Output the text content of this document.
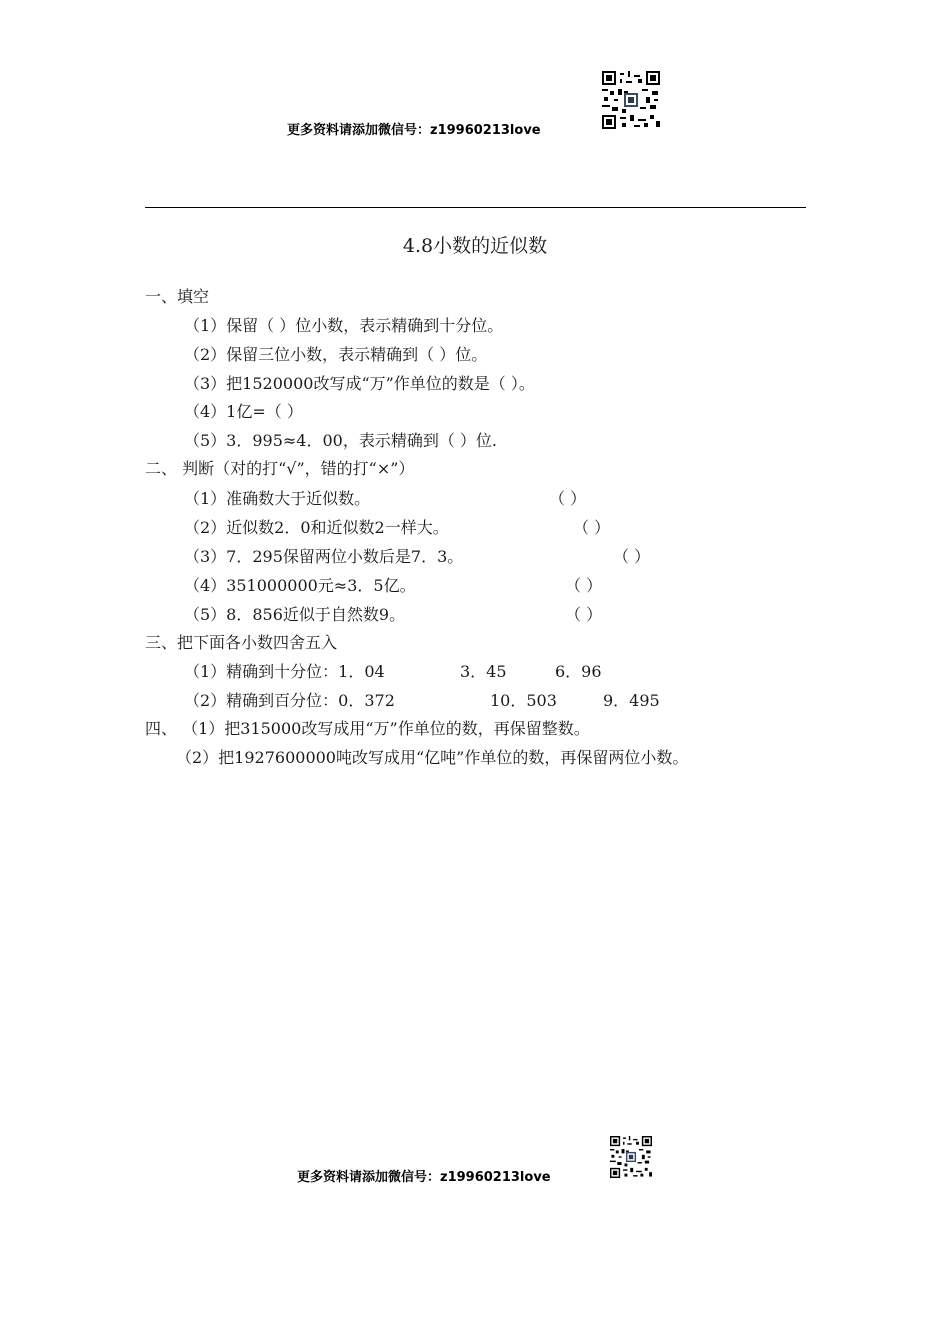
更多资料请添加微信号：z19960213love
4.8小数的近似数
一、填空
（1）保留（ ）位小数，表示精确到十分位。
（2）保留三位小数，表示精确到（ ）位。
（3）把1520000改写成“万”作单位的数是（ ）。
（4）1亿=（ ）
（5）3．995≈4．00，表示精确到（ ）位.
二、 判断（对的打“√”，错的打“×”）
（1）准确数大于近似数。	（ ）
（2）近似数2．0和近似数2一样大。	（ ）
（3）7．295保留两位小数后是7．3。	（ ）
（4）351000000元≈3．5亿。	（ ）
（5）8．856近似于自然数9。	（ ）
三、把下面各小数四舍五入
（1）精确到十分位：1．04	3．45	6．96
（2）精确到百分位：0．372	10．503	9．495
四、 （1）把315000改写成用“万”作单位的数，再保留整数。
（2）把1927600000吨改写成用“亿吨”作单位的数，再保留两位小数。
更多资料请添加微信号：z19960213love
